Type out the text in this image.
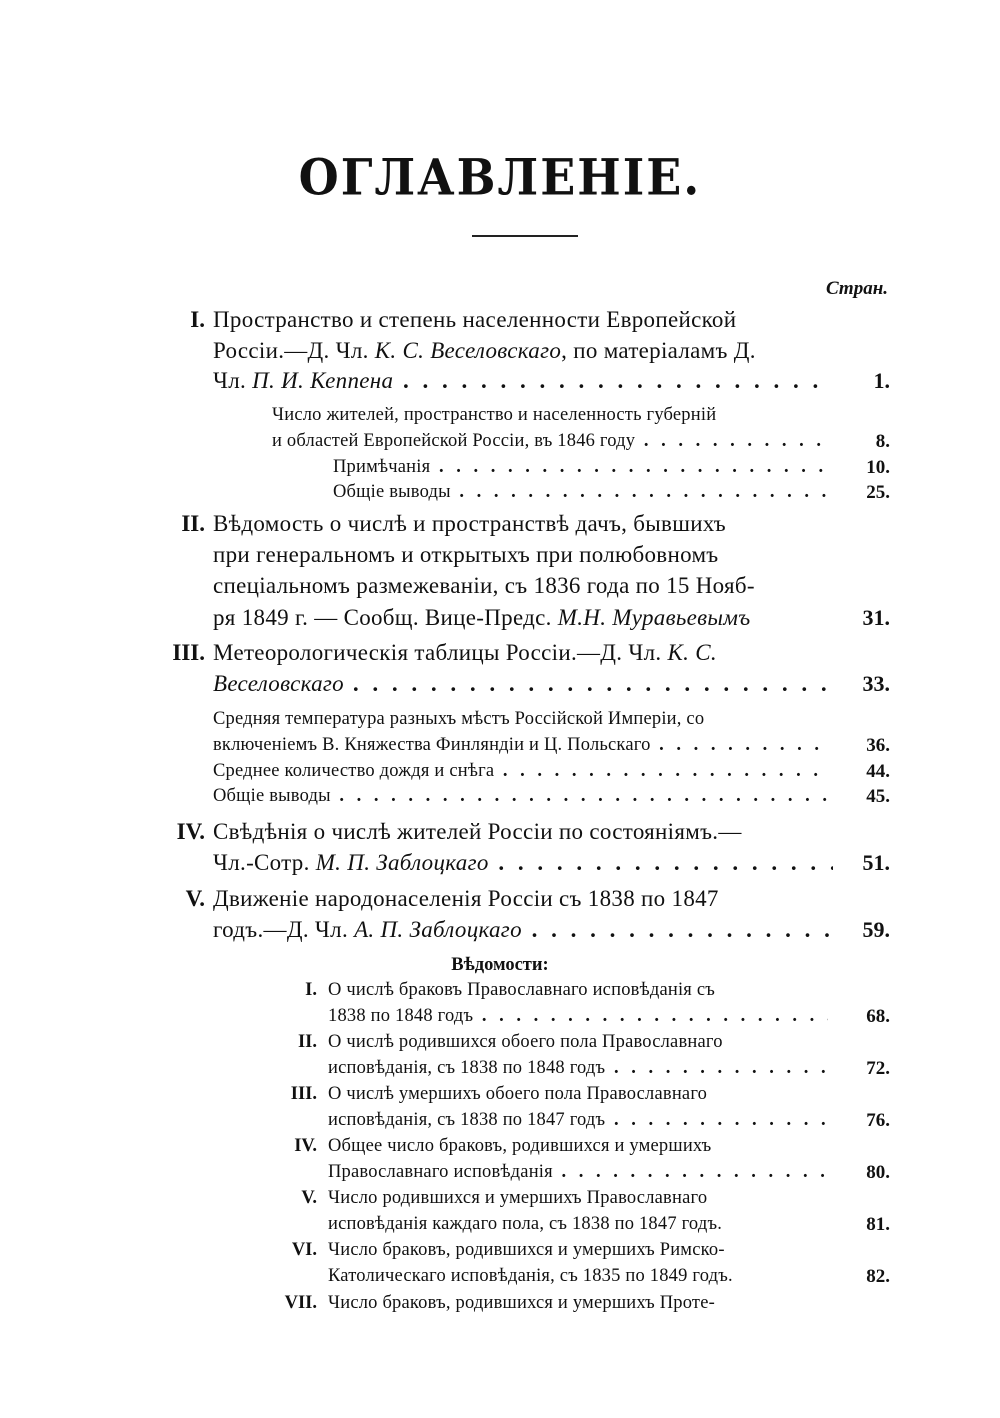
ОГЛАВЛЕНІЕ.
Стран.
I. Пространство и степень населенности Европейской
Россіи.—Д. Чл. К. С. Веселовскаго, по матеріаламъ Д.
Чл. П. И. Кеппена . . .	1.
Число жителей, пространство и населенность губерній
и областей Европейской Россіи, въ 1846 году . . .	8.
Примѣчанія . . .	10.
Общіе выводы . . .	25.
II. Вѣдомость о числѣ и пространствѣ дачъ, бывшихъ
при генеральномъ и открытыхъ при полюбовномъ
спеціальномъ размежеваніи, съ 1836 года по 15 Нояб-
ря 1849 г. — Сообщ. Вице-Предс. М.Н. Муравьевымъ	31.
III. Метеорологическія таблицы Россіи.—Д. Чл. К. С.
Веселовскаго . . .	33.
Средняя температура разныхъ мѣстъ Россійской Имперіи, со
включеніемъ В. Княжества Финляндіи и Ц. Польскаго . . .	36.
Среднее количество дождя и снѣга . . .	44.
Общіе выводы . . .	45.
IV. Свѣдѣнія о числѣ жителей Россіи по состояніямъ.—
Чл.-Сотр. М. П. Заблоцкаго . . .	51.
V. Движеніе народонаселенія Россіи съ 1838 по 1847
годъ.—Д. Чл. А. П. Заблоцкаго . . .	59.
Вѣдомости:
I. О числѣ браковъ Православнаго исповѣданія съ
1838 по 1848 годъ . . .	68.
II. О числѣ родившихся обоего пола Православнаго
исповѣданія, съ 1838 по 1848 годъ . . .	72.
III. О числѣ умершихъ обоего пола Православнаго
исповѣданія, съ 1838 по 1847 годъ . . .	76.
IV. Общее число браковъ, родившихся и умершихъ
Православнаго исповѣданія . . .	80.
V. Число родившихся и умершихъ Православнаго
исповѣданія каждаго пола, съ 1838 по 1847 годъ.	81.
VI. Число браковъ, родившихся и умершихъ Римско-
Католическаго исповѣданія, съ 1835 по 1849 годъ.	82.
VII. Число браковъ, родившихся и умершихъ Проте-
